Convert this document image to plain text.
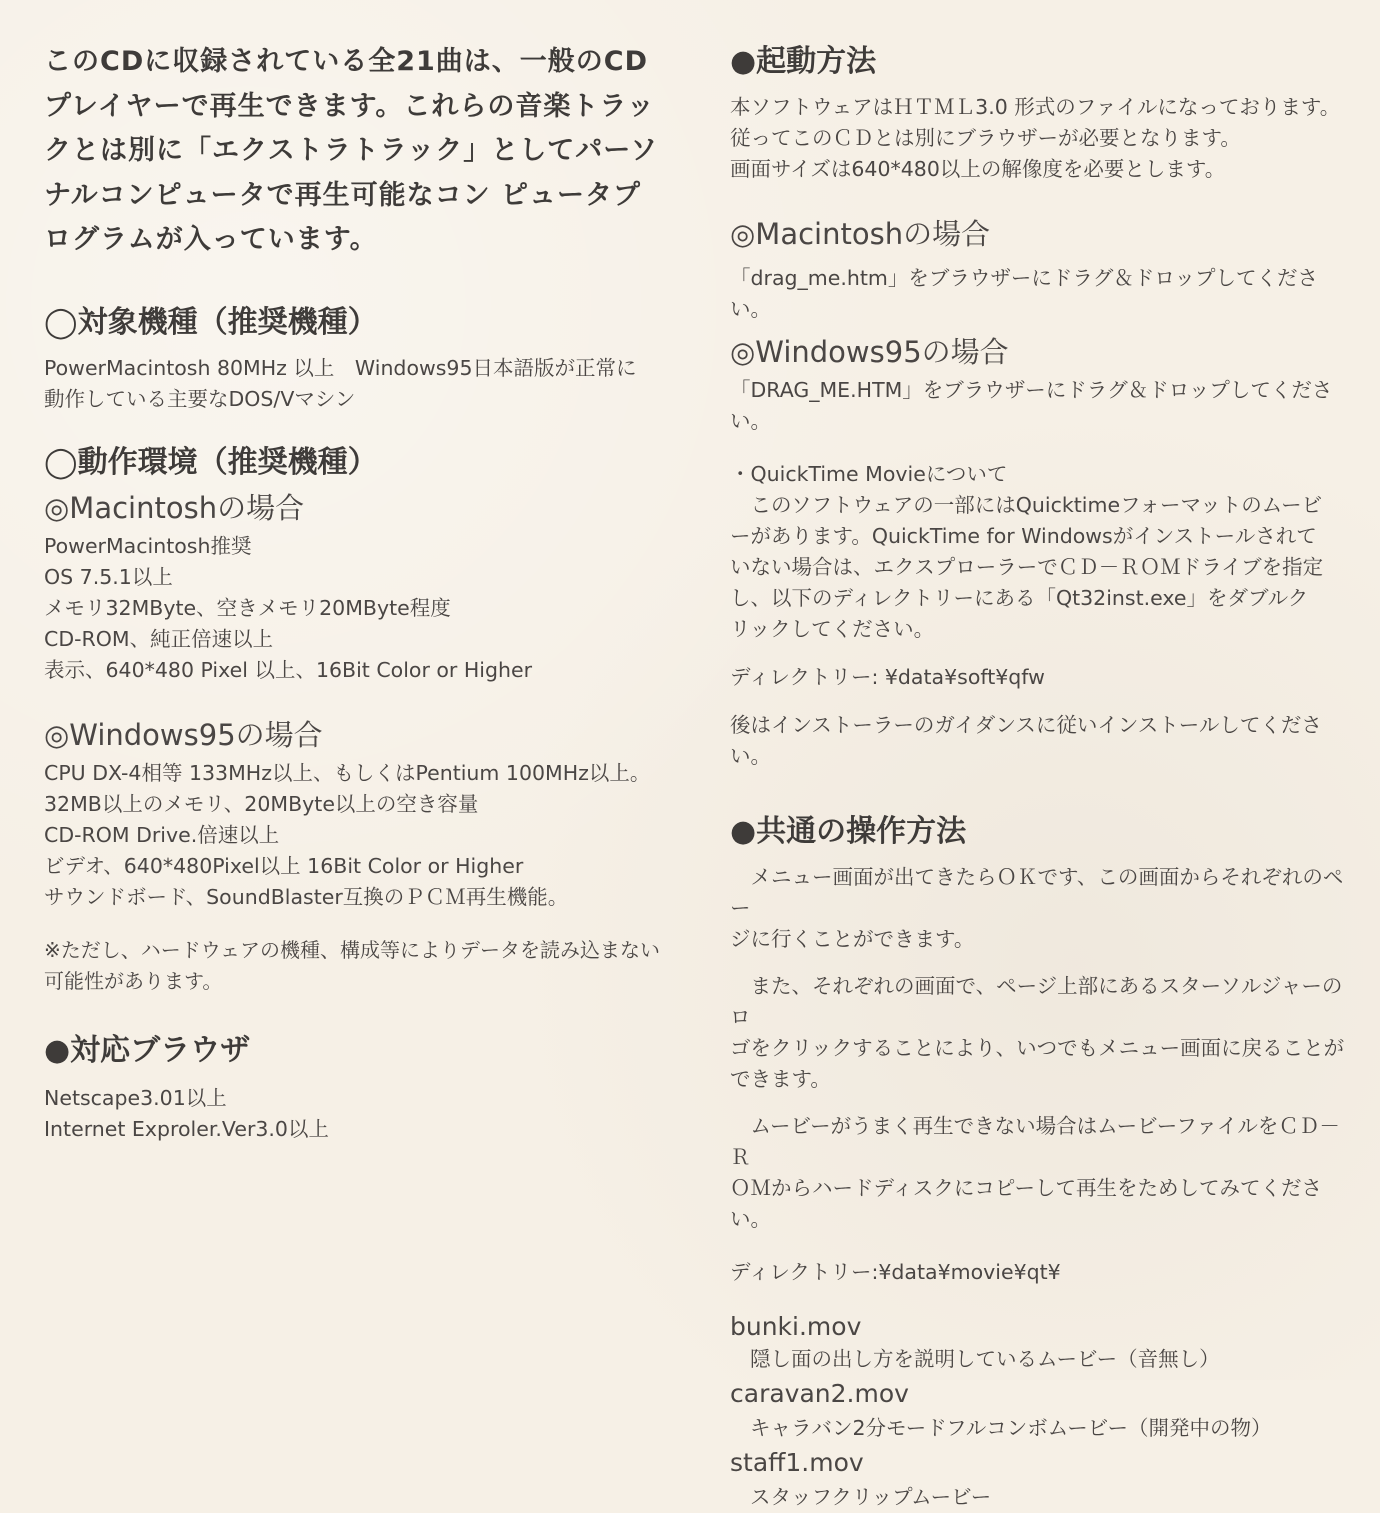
このCDに収録されている全21曲は、一般のCD
プレイヤーで再生できます。これらの音楽トラッ
クとは別に「エクストラトラック」としてパーソ
ナルコンピュータで再生可能なコン ピュータプ
ログラムが入っています。
◯対象機種（推奨機種）

PowerMacintosh 80MHz 以上　Windows95日本語版が正常に

動作している主要なDOS/Vマシン

◯動作環境（推奨機種）
◎Macintoshの場合

PowerMacintosh推奨

OS 7.5.1以上

メモリ32MByte、空きメモリ20MByte程度

CD-ROM、純正倍速以上

表示、640*480 Pixel 以上、16Bit Color or Higher

◎Windows95の場合

CPU DX-4相等 133MHz以上、もしくはPentium 100MHz以上。

32MB以上のメモリ、20MByte以上の空き容量

CD-ROM Drive.倍速以上

ビデオ、640*480Pixel以上 16Bit Color or Higher

サウンドボード、SoundBlaster互換のＰＣＭ再生機能。

※ただし、ハードウェアの機種、構成等によりデータを読み込まない

可能性があります。

●対応ブラウザ

Netscape3.01以上

Internet Exproler.Ver3.0以上

●起動方法

本ソフトウェアはＨＴＭＬ3.0 形式のファイルになっております。

従ってこのＣＤとは別にブラウザーが必要となります。

画面サイズは640*480以上の解像度を必要とします。

◎Macintoshの場合

「drag_me.htm」をブラウザーにドラグ＆ドロップしてください。

◎Windows95の場合

「DRAG_ME.HTM」をブラウザーにドラグ＆ドロップしてくださ

い。

・QuickTime Movieについて

　このソフトウェアの一部にはQuicktimeフォーマットのムービ

ーがあります。QuickTime for Windowsがインストールされて

いない場合は、エクスプローラーでＣＤ－ＲＯＭドライブを指定

し、以下のディレクトリーにある「Qt32inst.exe」をダブルク

リックしてください。

ディレクトリー: ¥data¥soft¥qfw

後はインストーラーのガイダンスに従いインストールしてください。

●共通の操作方法

　メニュー画面が出てきたらＯＫです、この画面からそれぞれのペー

ジに行くことができます。

　また、それぞれの画面で、ページ上部にあるスターソルジャーのロ

ゴをクリックすることにより、いつでもメニュー画面に戻ることが

できます。

　ムービーがうまく再生できない場合はムービーファイルをＣＤ－Ｒ

ＯＭからハードディスクにコピーして再生をためしてみてください。

ディレクトリー:¥data¥movie¥qt¥

bunki.mov

隠し面の出し方を説明しているムービー（音無し）

caravan2.mov

キャラバン2分モードフルコンボムービー（開発中の物）

staff1.mov

スタッフクリップムービー
